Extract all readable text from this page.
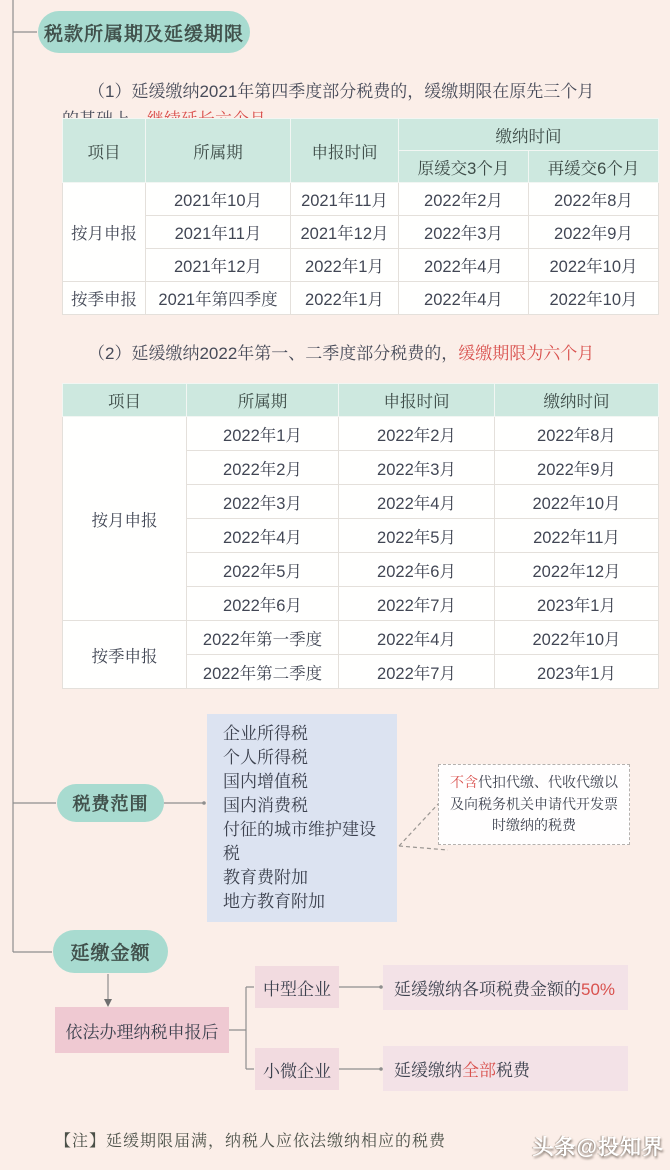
税款所属期及延缓期限
（1）延缓缴纳2021年第四季度部分税费的，缓缴期限在原先三个月

项目	所属期	申报时间	缴纳时间	
			原缓交3个月	再缓交6个月
按月申报	2021年10月	2021年11月	2022年2月	2022年8月
	2021年11月	2021年12月	2022年3月	2022年9月
	2021年12月	2022年1月	2022年4月	2022年10月
按季申报	2021年第四季度	2022年1月	2022年4月	2022年10月
（2）延缓缴纳2022年第一、二季度部分税费的，缓缴期限为六个月
项目	所属期	申报时间	缴纳时间
按月申报	2022年1月	2022年2月	2022年8月
	2022年2月	2022年3月	2022年9月
	2022年3月	2022年4月	2022年10月
	2022年4月	2022年5月	2022年11月
	2022年5月	2022年6月	2022年12月
	2022年6月	2022年7月	2023年1月
按季申报	2022年第一季度	2022年4月	2022年10月
	2022年第二季度	2022年7月	2023年1月
税费范围
企业所得税
个人所得税
国内增值税
国内消费税
付征的城市维护建设税
教育费附加
地方教育附加
不含代扣代缴、代收代缴以及向税务机关申请代开发票时缴纳的税费
延缴金额
依法办理纳税申报后
中型企业
小微企业
延缓缴纳各项税费金额的50%
延缓缴纳全部税费
【注】延缓期限届满，纳税人应依法缴纳相应的税费	头条@投知界
